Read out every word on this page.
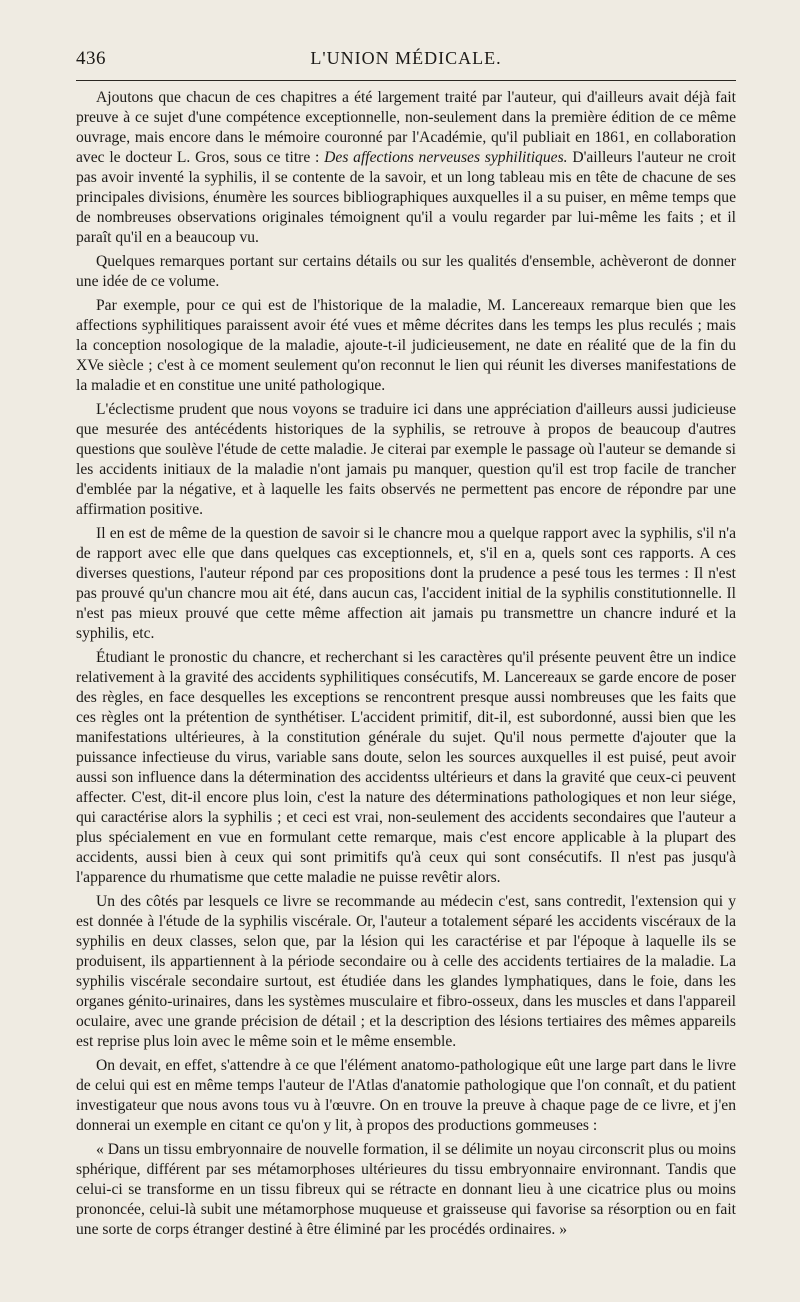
436	L'UNION MÉDICALE.

Ajoutons que chacun de ces chapitres a été largement traité par l'auteur, qui d'ailleurs avait déjà fait preuve à ce sujet d'une compétence exceptionnelle, non-seulement dans la première édition de ce même ouvrage, mais encore dans le mémoire couronné par l'Académie, qu'il publiait en 1861, en collaboration avec le docteur L. Gros, sous ce titre : Des affections nerveuses syphilitiques. D'ailleurs l'auteur ne croit pas avoir inventé la syphilis, il se contente de la savoir, et un long tableau mis en tête de chacune de ses principales divisions, énumère les sources bibliographiques auxquelles il a su puiser, en même temps que de nombreuses observations originales témoignent qu'il a voulu regarder par lui-même les faits ; et il paraît qu'il en a beaucoup vu.

Quelques remarques portant sur certains détails ou sur les qualités d'ensemble, achèveront de donner une idée de ce volume.

Par exemple, pour ce qui est de l'historique de la maladie, M. Lancereaux remarque bien que les affections syphilitiques paraissent avoir été vues et même décrites dans les temps les plus reculés ; mais la conception nosologique de la maladie, ajoute-t-il judicieusement, ne date en réalité que de la fin du XVe siècle ; c'est à ce moment seulement qu'on reconnut le lien qui réunit les diverses manifestations de la maladie et en constitue une unité pathologique.

L'éclectisme prudent que nous voyons se traduire ici dans une appréciation d'ailleurs aussi judicieuse que mesurée des antécédents historiques de la syphilis, se retrouve à propos de beaucoup d'autres questions que soulève l'étude de cette maladie. Je citerai par exemple le passage où l'auteur se demande si les accidents initiaux de la maladie n'ont jamais pu manquer, question qu'il est trop facile de trancher d'emblée par la négative, et à laquelle les faits observés ne permettent pas encore de répondre par une affirmation positive.

Il en est de même de la question de savoir si le chancre mou a quelque rapport avec la syphilis, s'il n'a de rapport avec elle que dans quelques cas exceptionnels, et, s'il en a, quels sont ces rapports. A ces diverses questions, l'auteur répond par ces propositions dont la prudence a pesé tous les termes : Il n'est pas prouvé qu'un chancre mou ait été, dans aucun cas, l'accident initial de la syphilis constitutionnelle. Il n'est pas mieux prouvé que cette même affection ait jamais pu transmettre un chancre induré et la syphilis, etc.

Étudiant le pronostic du chancre, et recherchant si les caractères qu'il présente peuvent être un indice relativement à la gravité des accidents syphilitiques consécutifs, M. Lancereaux se garde encore de poser des règles, en face desquelles les exceptions se rencontrent presque aussi nombreuses que les faits que ces règles ont la prétention de synthétiser. L'accident primitif, dit-il, est subordonné, aussi bien que les manifestations ultérieures, à la constitution générale du sujet. Qu'il nous permette d'ajouter que la puissance infectieuse du virus, variable sans doute, selon les sources auxquelles il est puisé, peut avoir aussi son influence dans la détermination des accidentss ultérieurs et dans la gravité que ceux-ci peuvent affecter. C'est, dit-il encore plus loin, c'est la nature des déterminations pathologiques et non leur siége, qui caractérise alors la syphilis ; et ceci est vrai, non-seulement des accidents secondaires que l'auteur a plus spécialement en vue en formulant cette remarque, mais c'est encore applicable à la plupart des accidents, aussi bien à ceux qui sont primitifs qu'à ceux qui sont consécutifs. Il n'est pas jusqu'à l'apparence du rhumatisme que cette maladie ne puisse revêtir alors.

Un des côtés par lesquels ce livre se recommande au médecin c'est, sans contredit, l'extension qui y est donnée à l'étude de la syphilis viscérale. Or, l'auteur a totalement séparé les accidents viscéraux de la syphilis en deux classes, selon que, par la lésion qui les caractérise et par l'époque à laquelle ils se produisent, ils appartiennent à la période secondaire ou à celle des accidents tertiaires de la maladie. La syphilis viscérale secondaire surtout, est étudiée dans les glandes lymphatiques, dans le foie, dans les organes génito-urinaires, dans les systèmes musculaire et fibro-osseux, dans les muscles et dans l'appareil oculaire, avec une grande précision de détail ; et la description des lésions tertiaires des mêmes appareils est reprise plus loin avec le même soin et le même ensemble.

On devait, en effet, s'attendre à ce que l'élément anatomo-pathologique eût une large part dans le livre de celui qui est en même temps l'auteur de l'Atlas d'anatomie pathologique que l'on connaît, et du patient investigateur que nous avons tous vu à l'œuvre. On en trouve la preuve à chaque page de ce livre, et j'en donnerai un exemple en citant ce qu'on y lit, à propos des productions gommeuses :

« Dans un tissu embryonnaire de nouvelle formation, il se délimite un noyau circonscrit plus ou moins sphérique, différent par ses métamorphoses ultérieures du tissu embryonnaire environnant. Tandis que celui-ci se transforme en un tissu fibreux qui se rétracte en donnant lieu à une cicatrice plus ou moins prononcée, celui-là subit une métamorphose muqueuse et graisseuse qui favorise sa résorption ou en fait une sorte de corps étranger destiné à être éliminé par les procédés ordinaires. »
